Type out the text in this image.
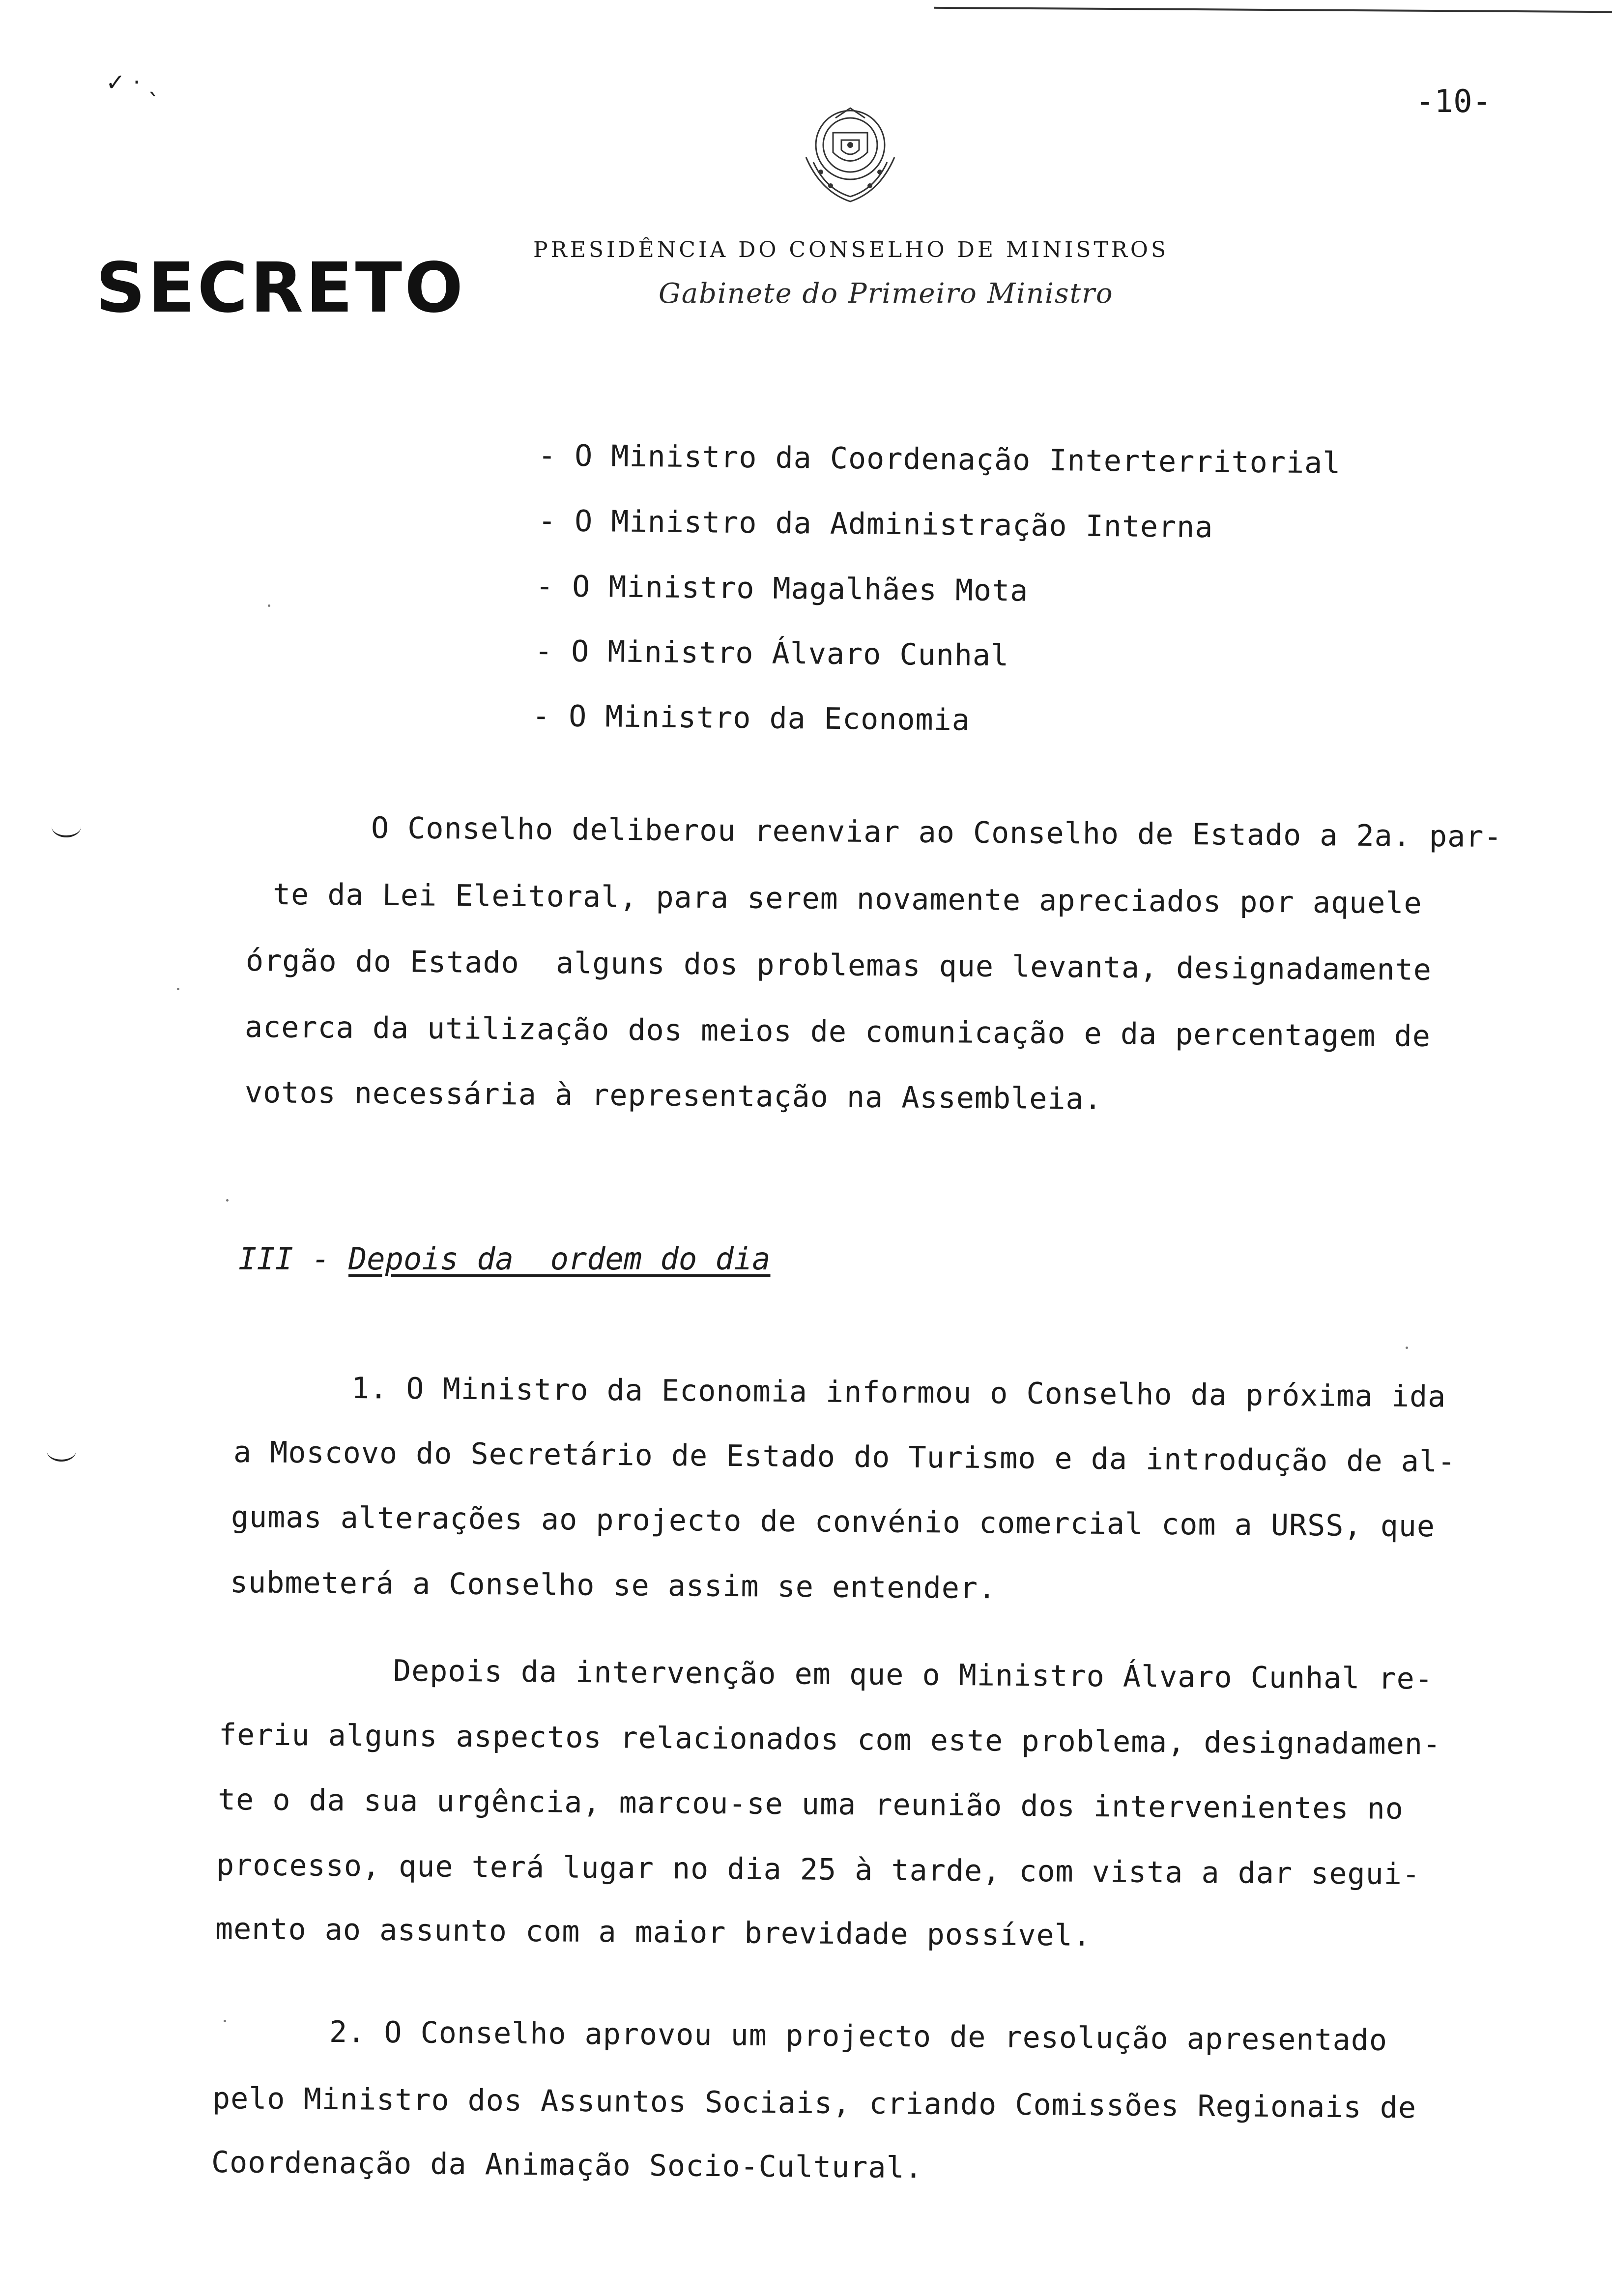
✓ · ˎ
-10-
SECRETO	PRESIDÊNCIA DO CONSELHO DE MINISTROS
Gabinete do Primeiro Ministro
- O Ministro da Coordenação Interterritorial
- O Ministro da Administração Interna
- O Ministro Magalhães Mota
- O Ministro Álvaro Cunhal
- O Ministro da Economia
O Conselho deliberou reenviar ao Conselho de Estado a 2a. par-
te da Lei Eleitoral, para serem novamente apreciados por aquele
órgão do Estado  alguns dos problemas que levanta, designadamente
acerca da utilização dos meios de comunicação e da percentagem de
votos necessária à representação na Assembleia.
III - Depois da  ordem do dia
1. O Ministro da Economia informou o Conselho da próxima ida
a Moscovo do Secretário de Estado do Turismo e da introdução de al-
gumas alterações ao projecto de convénio comercial com a URSS, que
submeterá a Conselho se assim se entender.
Depois da intervenção em que o Ministro Álvaro Cunhal re-
feriu alguns aspectos relacionados com este problema, designadamen-
te o da sua urgência, marcou-se uma reunião dos intervenientes no
processo, que terá lugar no dia 25 à tarde, com vista a dar segui-
mento ao assunto com a maior brevidade possível.
2. O Conselho aprovou um projecto de resolução apresentado
pelo Ministro dos Assuntos Sociais, criando Comissões Regionais de
Coordenação da Animação Socio-Cultural.
